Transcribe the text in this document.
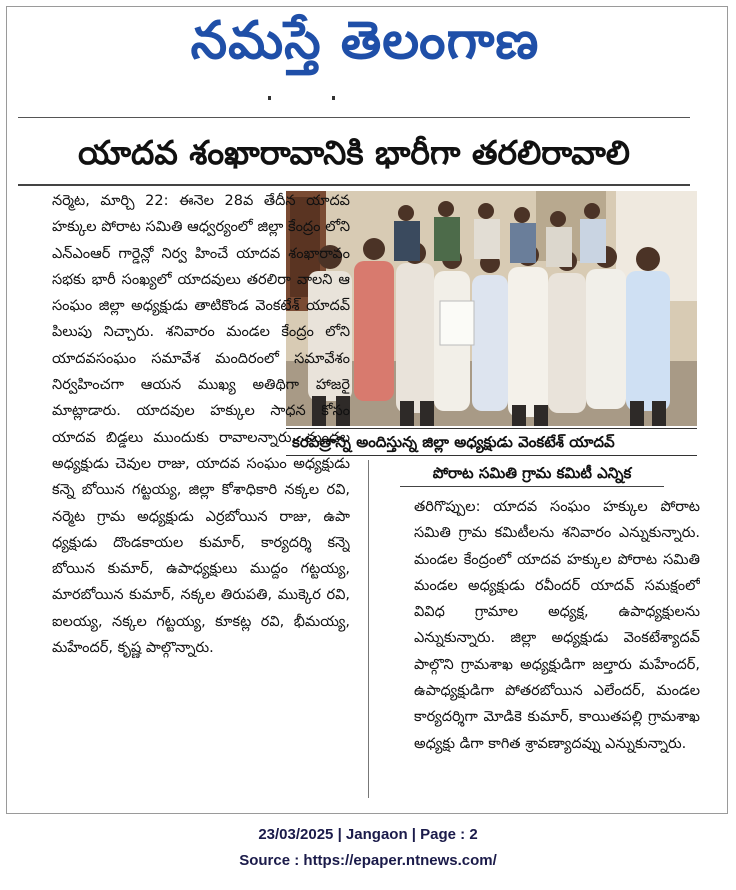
నమస్తే తెలంగాణ
యాదవ శంఖారావానికి భారీగా తరలిరావాలి
కరపత్రాన్ని అందిస్తున్న జిల్లా అధ్యక్షుడు వెంకటేశ్ యాదవ్
నర్మెట, మార్చి 22: ఈనెల 28వ తేదీన యాదవ హక్కుల పోరాట సమితి ఆధ్వర్యంలో జిల్లా కేంద్రం లోని ఎన్ఎంఆర్ గార్డెన్లో నిర్వ హించే యాదవ శంఖారావం సభకు భారీ సంఖ్యలో యాదవులు తరలిరా వాలని ఆ సంఘం జిల్లా అధ్యక్షుడు తాటికొండ వెంకటేశ్ యాదవ్ పిలుపు నిచ్చారు. శనివారం మండల కేంద్రం లోని యాదవసంఘం సమావేశ మందిరంలో సమావేశం నిర్వహించగా ఆయన ముఖ్య అతిథిగా హాజరై మాట్లాడారు. యాదవుల హక్కుల సాధన కోసం యాదవ బిడ్డలు ముందుకు రావాలన్నారు. మండల అధ్యక్షుడు చెవుల రాజు, యాదవ సంఘం అధ్యక్షుడు కన్నె బోయిన గట్టయ్య, జిల్లా కోశాధికారి నక్కల రవి, నర్మెట గ్రామ అధ్యక్షుడు ఎర్రబోయిన రాజు, ఉపా ధ్యక్షుడు దొండకాయల కుమార్, కార్యదర్శి కన్నె బోయిన కుమార్, ఉపాధ్యక్షులు ముద్దం గట్టయ్య, మారబోయిన కుమార్, నక్కల తిరుపతి, ముక్కెర రవి, ఐలయ్య, నక్కల గట్టయ్య, కూకట్ల రవి, భీమయ్య, మహేందర్, కృష్ణ పాల్గొన్నారు.
పోరాట సమితి గ్రామ కమిటీ ఎన్నిక
తరిగొప్పుల: యాదవ సంఘం హక్కుల పోరాట సమితి గ్రామ కమిటీలను శనివారం ఎన్నుకున్నారు. మండల కేంద్రంలో యాదవ హక్కుల పోరాట సమితి మండల అధ్యక్షుడు రవీందర్ యాదవ్ సమక్షంలో వివిధ గ్రామాల అధ్యక్ష, ఉపాధ్యక్షులను ఎన్నుకున్నారు. జిల్లా అధ్యక్షుడు వెంకటేశ్యాదవ్ పాల్గొని గ్రామశాఖ అధ్యక్షుడిగా జల్తారు మహేందర్, ఉపాధ్యక్షుడిగా పోతరబోయిన ఎలేందర్, మండల కార్యదర్శిగా మోడికె కుమార్, కాయితపల్లి గ్రామశాఖ అధ్యక్షు డిగా కాగిత శ్రావణ్యాదవ్ను ఎన్నుకున్నారు.
23/03/2025 | Jangaon | Page : 2
Source : https://epaper.ntnews.com/
